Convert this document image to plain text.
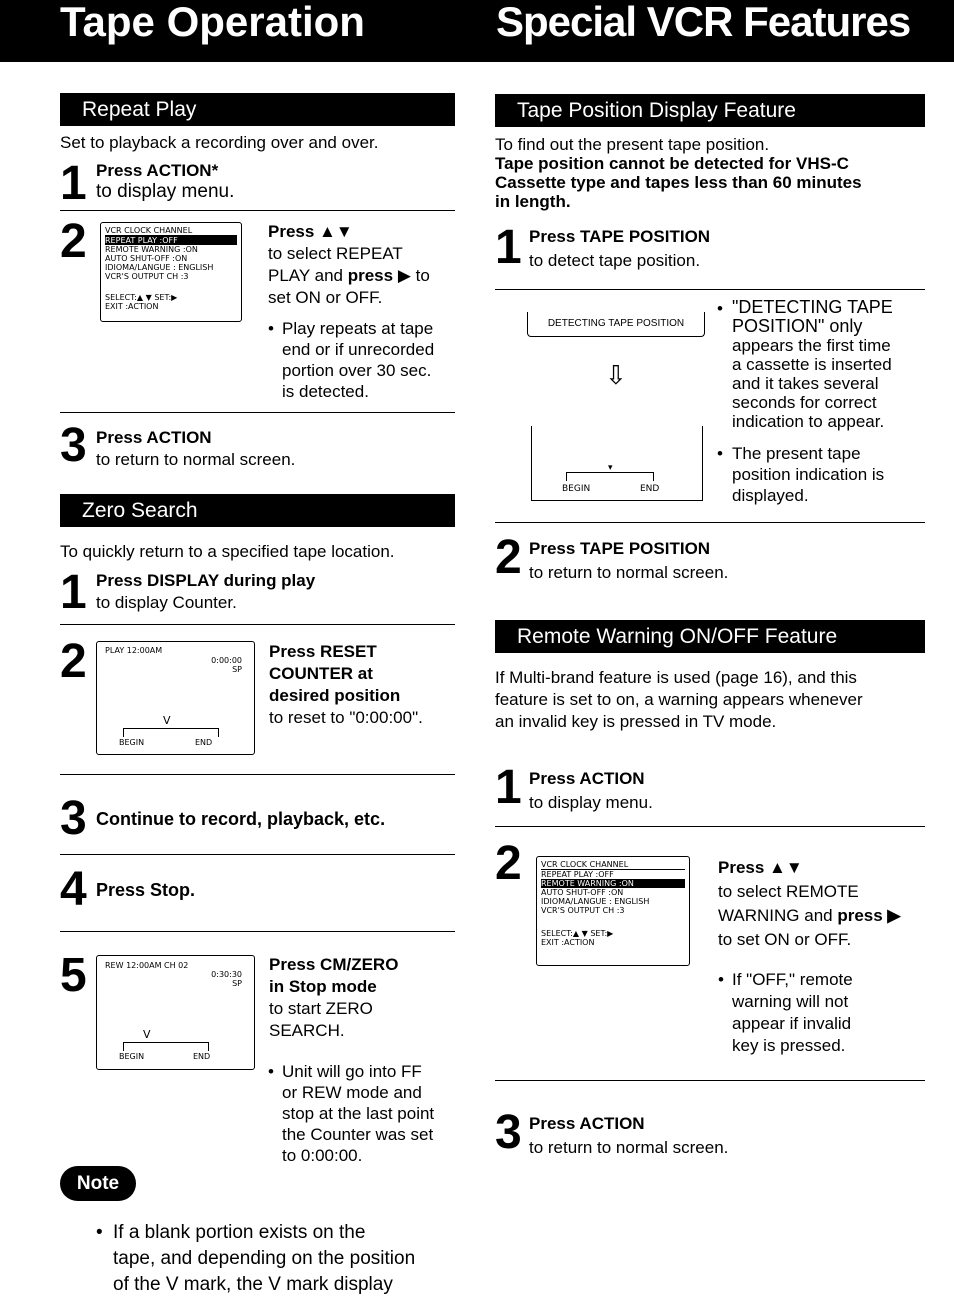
Tape Operation	Special VCR Features
Repeat Play
Set to playback a recording over and over.
1 Press ACTION*
to display menu.
2 VCR CLOCK CHANNEL
REPEAT PLAY :OFF
REMOTE WARNING :ON
AUTO SHUT-OFF :ON
IDIOMA/LANGUE : ENGLISH
VCR'S OUTPUT CH :3
SELECT:▲ ▼ SET:▶
EXIT :ACTION
Press ▲▼
to select REPEAT
PLAY and press ▶ to
set ON or OFF.
• Play repeats at tape
end or if unrecorded
portion over 30 sec.
is detected.
3 Press ACTION
to return to normal screen.
Zero Search
To quickly return to a specified tape location.
1 Press DISPLAY during play
to display Counter.
2 PLAY 12:00AM
0:00:00
SP
V
BEGIN	END
Press RESET
COUNTER at
desired position
to reset to "0:00:00".
3 Continue to record, playback, etc.
4 Press Stop.
5 REW 12:00AM CH 02
0:30:30
SP
V
BEGIN	END
Press CM/ZERO
in Stop mode
to start ZERO
SEARCH.
• Unit will go into FF
or REW mode and
stop at the last point
the Counter was set
to 0:00:00.
Note
• If a blank portion exists on the
tape, and depending on the position
of the V mark, the V mark display
Tape Position Display Feature
To find out the present tape position.
Tape position cannot be detected for VHS-C
Cassette type and tapes less than 60 minutes
in length.
1 Press TAPE POSITION
to detect tape position.
DETECTING TAPE POSITION
⇩
▾
BEGIN	END
• "DETECTING TAPE
POSITION" only
appears the first time
a cassette is inserted
and it takes several
seconds for correct
indication to appear.
• The present tape
position indication is
displayed.
2 Press TAPE POSITION
to return to normal screen.
Remote Warning ON/OFF Feature
If Multi-brand feature is used (page 16), and this
feature is set to on, a warning appears whenever
an invalid key is pressed in TV mode.
1 Press ACTION
to display menu.
2 VCR CLOCK CHANNEL
REPEAT PLAY :OFF
REMOTE WARNING :ON
AUTO SHUT-OFF :ON
IDIOMA/LANGUE : ENGLISH
VCR'S OUTPUT CH :3
SELECT:▲ ▼ SET:▶
EXIT :ACTION
Press ▲▼
to select REMOTE
WARNING and press ▶
to set ON or OFF.
• If "OFF," remote
warning will not
appear if invalid
key is pressed.
3 Press ACTION
to return to normal screen.
